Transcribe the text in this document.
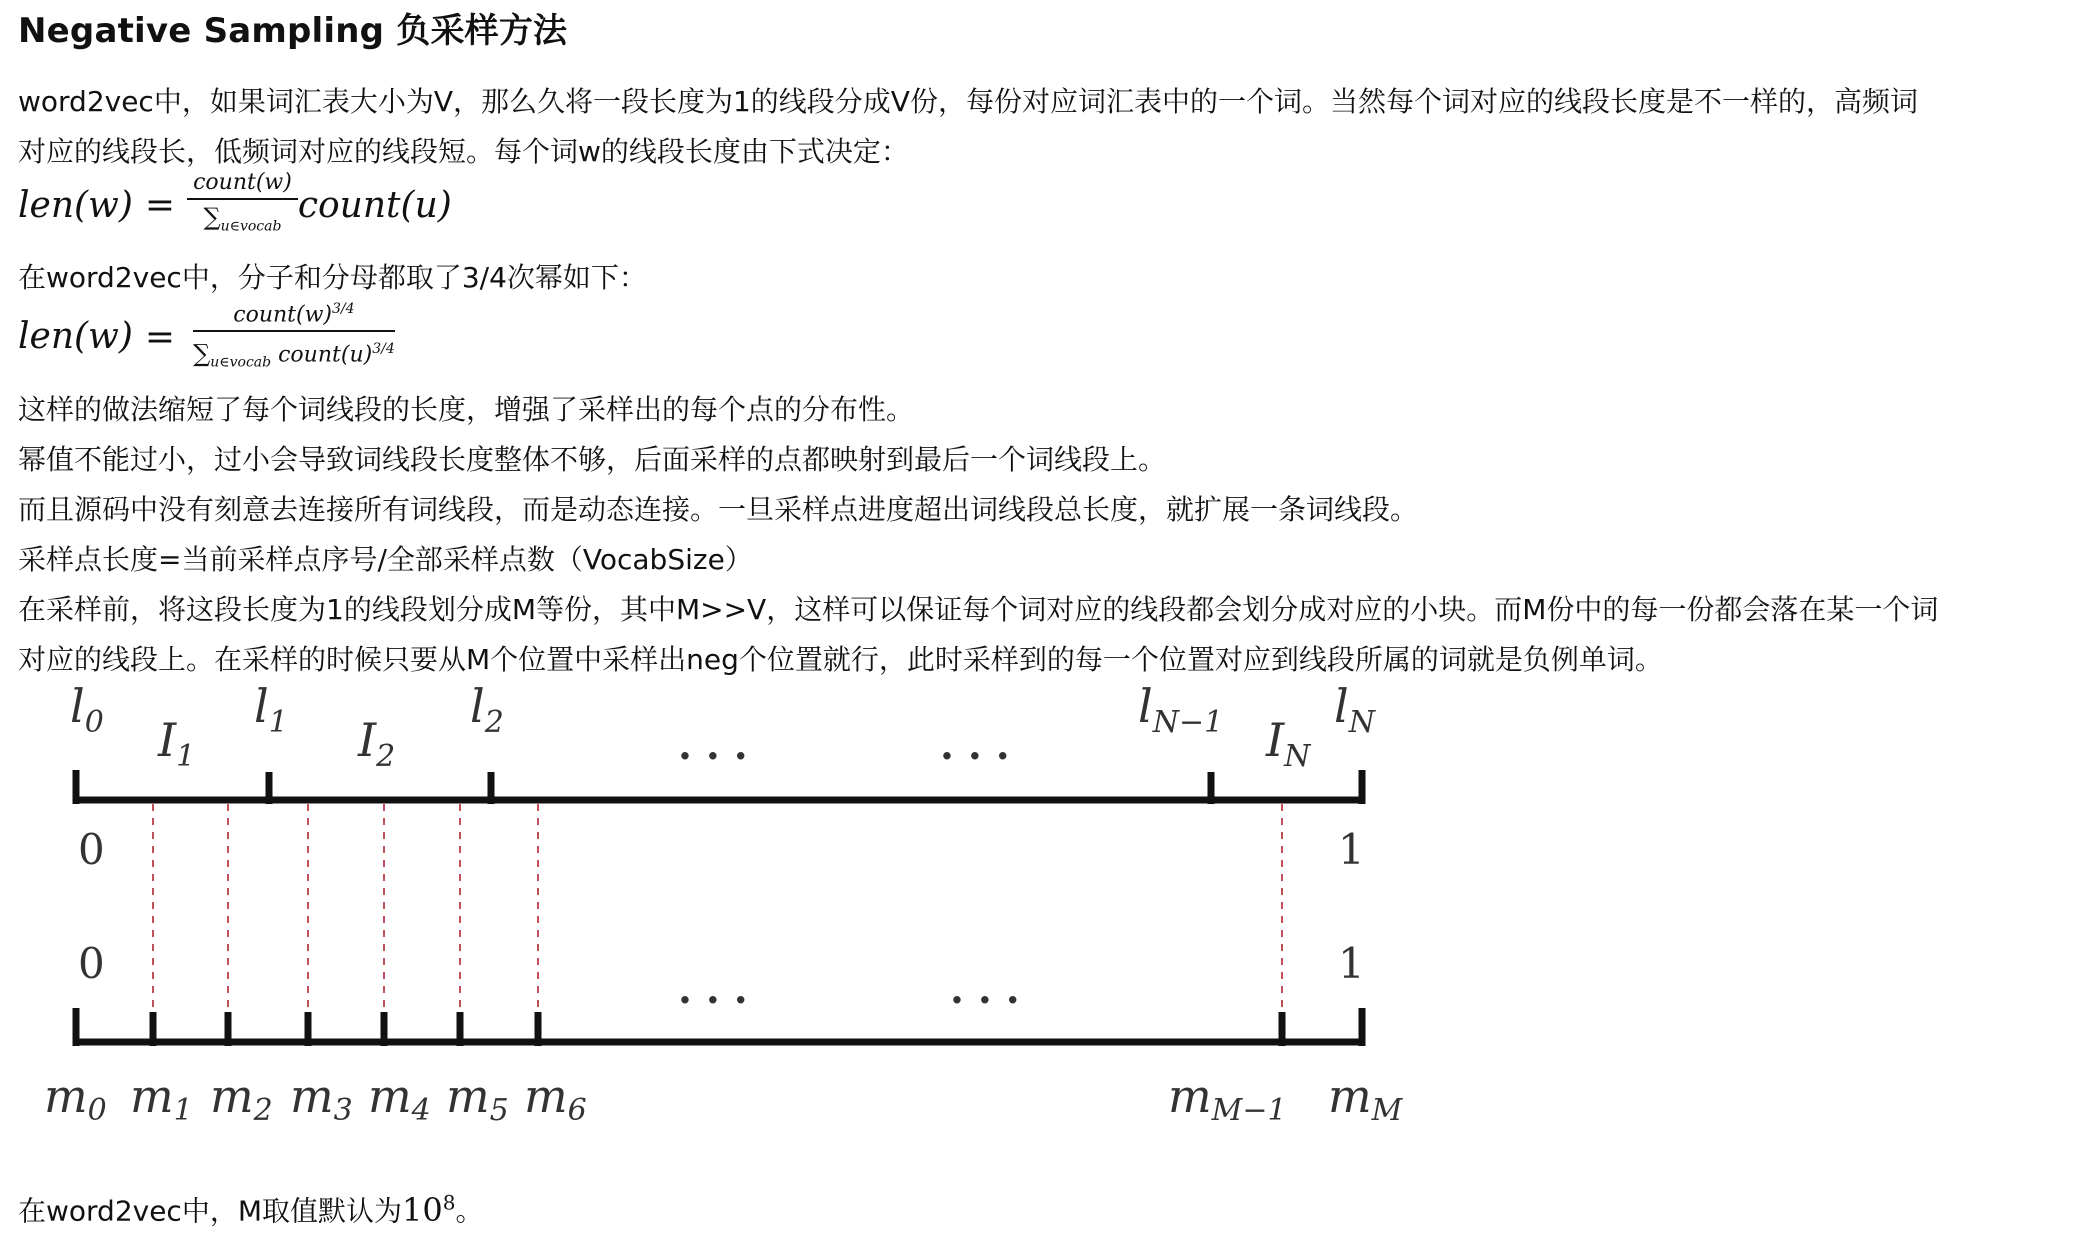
Negative Sampling 负采样方法
word2vec中，如果词汇表大小为V，那么久将一段长度为1的线段分成V份，每份对应词汇表中的一个词。当然每个词对应的线段长度是不一样的，高频词
对应的线段长，低频词对应的线段短。每个词w的线段长度由下式决定：
$len(w) = \frac{\text{count(w)}}{\sum_{u\in vocab}}$ count(u)
在word2vec中，分子和分母都取了3/4次幂如下：
$len(w) = \frac{count(w)^{3/4}}{\sum_{u\in vocab} count(u)^{3/4}}$
这样的做法缩短了每个词线段的长度，增强了采样出的每个点的分布性。
幂值不能过小，过小会导致词线段长度整体不够，后面采样的点都映射到最后一个词线段上。
而且源码中没有刻意去连接所有词线段，而是动态连接。一旦采样点进度超出词线段总长度，就扩展一条词线段。
采样点长度=当前采样点序号/全部采样点数（VocabSize）
在采样前，将这段长度为1的线段划分成M等份，其中M>>V，这样可以保证每个词对应的线段都会划分成对应的小块。而M份中的每一份都会落在某一个词
对应的线段上。在采样的时候只要从M个位置中采样出neg个位置就行，此时采样到的每一个位置对应到线段所属的词就是负例单词。
$l_0$ $I_1$
$l_1$ $I_2$
$l_2$
· · ·	· · ·
$l_{N-1}$ $I_N$
$l_N$
0	1
0	1
· · ·	· · ·
m0 m1 m2 m3 m4 m5 m6	mM−1 mM
在word2vec中，M取值默认为$10^8$。
